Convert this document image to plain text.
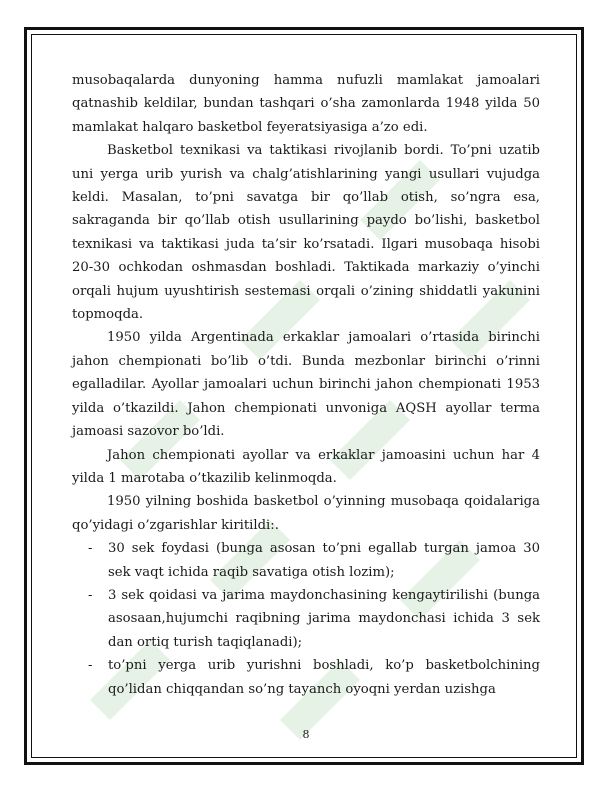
musobaqalarda dunyoning hamma nufuzli mamlakat jamoalari qatnashib keldilar, bundan tashqari o’sha zamonlarda 1948 yilda 50 mamlakat halqaro basketbol feyeratsiyasiga a’zo edi.

Basketbol texnikasi va taktikasi rivojlanib bordi. To’pni uzatib uni yerga urib yurish va chalg’atishlarining yangi usullari vujudga keldi. Masalan, to’pni savatga bir qo’llab otish, so’ngra esa, sakraganda bir qo’llab otish usullarining paydo bo’lishi, basketbol texnikasi va taktikasi juda ta’sir ko’rsatadi. Ilgari musobaqa hisobi 20-30 ochkodan oshmasdan boshladi. Taktikada markaziy o’yinchi orqali hujum uyushtirish sestemasi orqali o’zining shiddatli yakunini topmoqda.

1950 yilda Argentinada erkaklar jamoalari o’rtasida birinchi jahon chempionati bo’lib o’tdi. Bunda mezbonlar birinchi o’rinni egalladilar. Ayollar jamoalari uchun birinchi jahon chempionati 1953 yilda o’tkazildi. Jahon chempionati unvoniga AQSH ayollar terma jamoasi sazovor bo’ldi.

Jahon chempionati ayollar va erkaklar jamoasini uchun har 4 yilda 1 marotaba o’tkazilib kelinmoqda.

1950 yilning boshida basketbol o’yinning musobaqa qoidalariga qo’yidagi o’zgarishlar kiritildi:.

- 30 sek foydasi (bunga asosan to’pni egallab turgan jamoa 30 sek vaqt ichida raqib savatiga otish lozim);
- 3 sek qoidasi va jarima maydonchasining kengaytirilishi (bunga asosaan,hujumchi raqibning jarima maydonchasi ichida 3 sek dan ortiq turish taqiqlanadi);
- to’pni yerga urib yurishni boshladi, ko’p basketbolchining qo’lidan chiqqandan so’ng tayanch oyoqni yerdan uzishga
8
